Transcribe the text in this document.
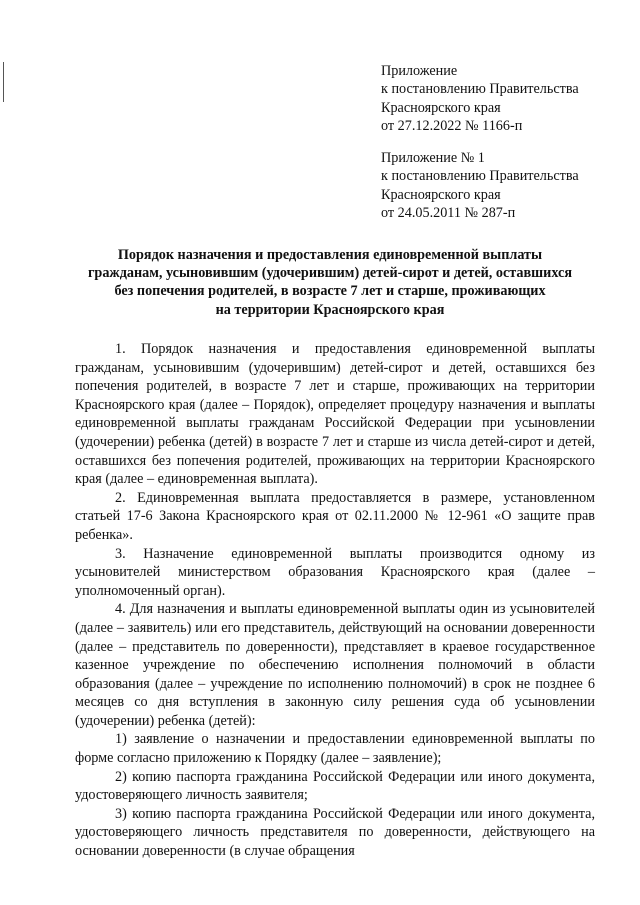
Приложение
к постановлению Правительства
Красноярского края
от 27.12.2022 № 1166-п
Приложение № 1
к постановлению Правительства
Красноярского края
от 24.05.2011 № 287-п
Порядок назначения и предоставления единовременной выплаты
гражданам, усыновившим (удочерившим) детей-сирот и детей, оставшихся
без попечения родителей, в возрасте 7 лет и старше, проживающих
на территории Красноярского края

1. Порядок назначения и предоставления единовременной выплаты гражданам, усыновившим (удочерившим) детей-сирот и детей, оставшихся без попечения родителей, в возрасте 7 лет и старше, проживающих на территории Красноярского края (далее – Порядок), определяет процедуру назначения и выплаты единовременной выплаты гражданам Российской Федерации при усыновлении (удочерении) ребенка (детей) в возрасте 7 лет и старше из числа детей-сирот и детей, оставшихся без попечения родителей, проживающих на территории Красноярского края (далее – единовременная выплата).

2. Единовременная выплата предоставляется в размере, установленном статьей 17-6 Закона Красноярского края от 02.11.2000 № 12-961 «О защите прав ребенка».

3. Назначение единовременной выплаты производится одному из усыновителей министерством образования Красноярского края (далее – уполномоченный орган).

4. Для назначения и выплаты единовременной выплаты один из усыновителей (далее – заявитель) или его представитель, действующий на основании доверенности (далее – представитель по доверенности), представляет в краевое государственное казенное учреждение по обеспечению исполнения полномочий в области образования (далее – учреждение по исполнению полномочий) в срок не позднее 6 месяцев со дня вступления в законную силу решения суда об усыновлении (удочерении) ребенка (детей):

1) заявление о назначении и предоставлении единовременной выплаты по форме согласно приложению к Порядку (далее – заявление);

2) копию паспорта гражданина Российской Федерации или иного документа, удостоверяющего личность заявителя;

3) копию паспорта гражданина Российской Федерации или иного документа, удостоверяющего личность представителя по доверенности, действующего на основании доверенности (в случае обращения
